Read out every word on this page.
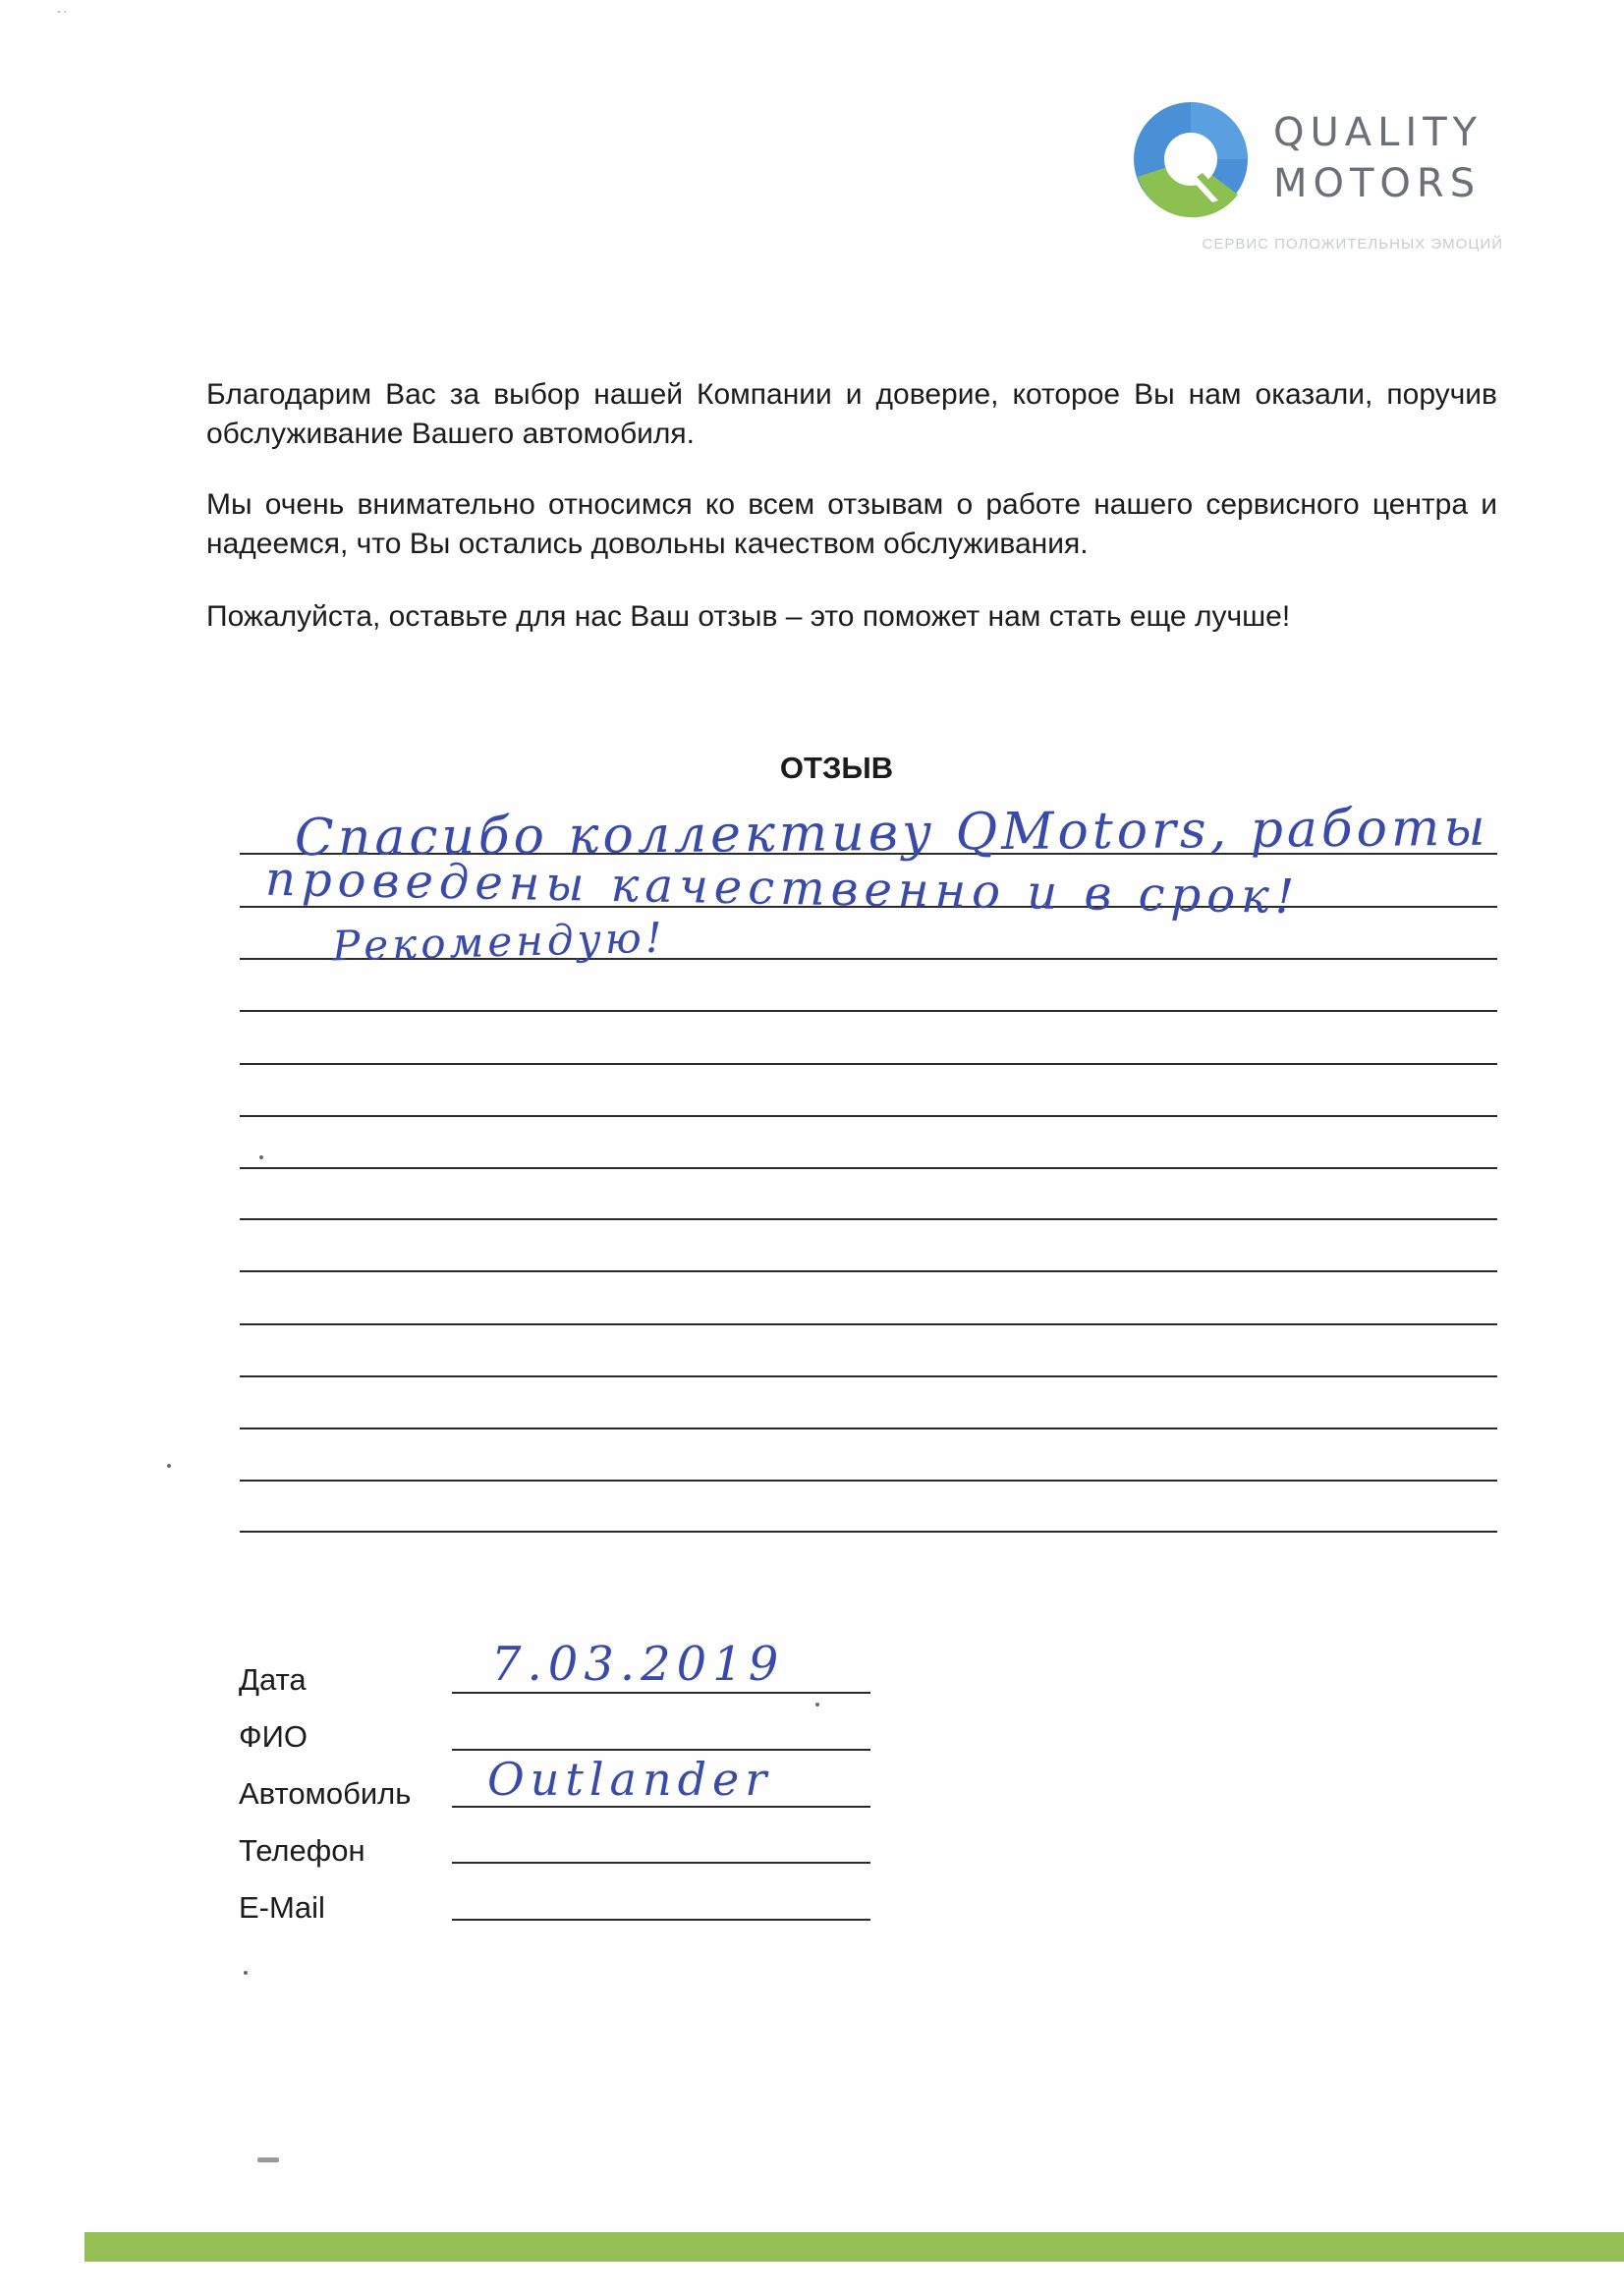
-·
QUALITY
MOTORS
СЕРВИС ПОЛОЖИТЕЛЬНЫХ ЭМОЦИЙ
Благодарим Вас за выбор нашей Компании и доверие, которое Вы нам оказали, поручив обслуживание Вашего автомобиля.
Мы очень внимательно относимся ко всем отзывам о работе нашего сервисного центра и надеемся, что Вы остались довольны качеством обслуживания.
Пожалуйста, оставьте для нас Ваш отзыв – это поможет нам стать еще лучше!
ОТЗЫВ
Спасибо коллективу QMotors, работы
проведены качественно и в срок!
Рекомендую!
Дата	7.03.2019
ФИО
Автомобиль Outlander
Телефон
E-Mail
